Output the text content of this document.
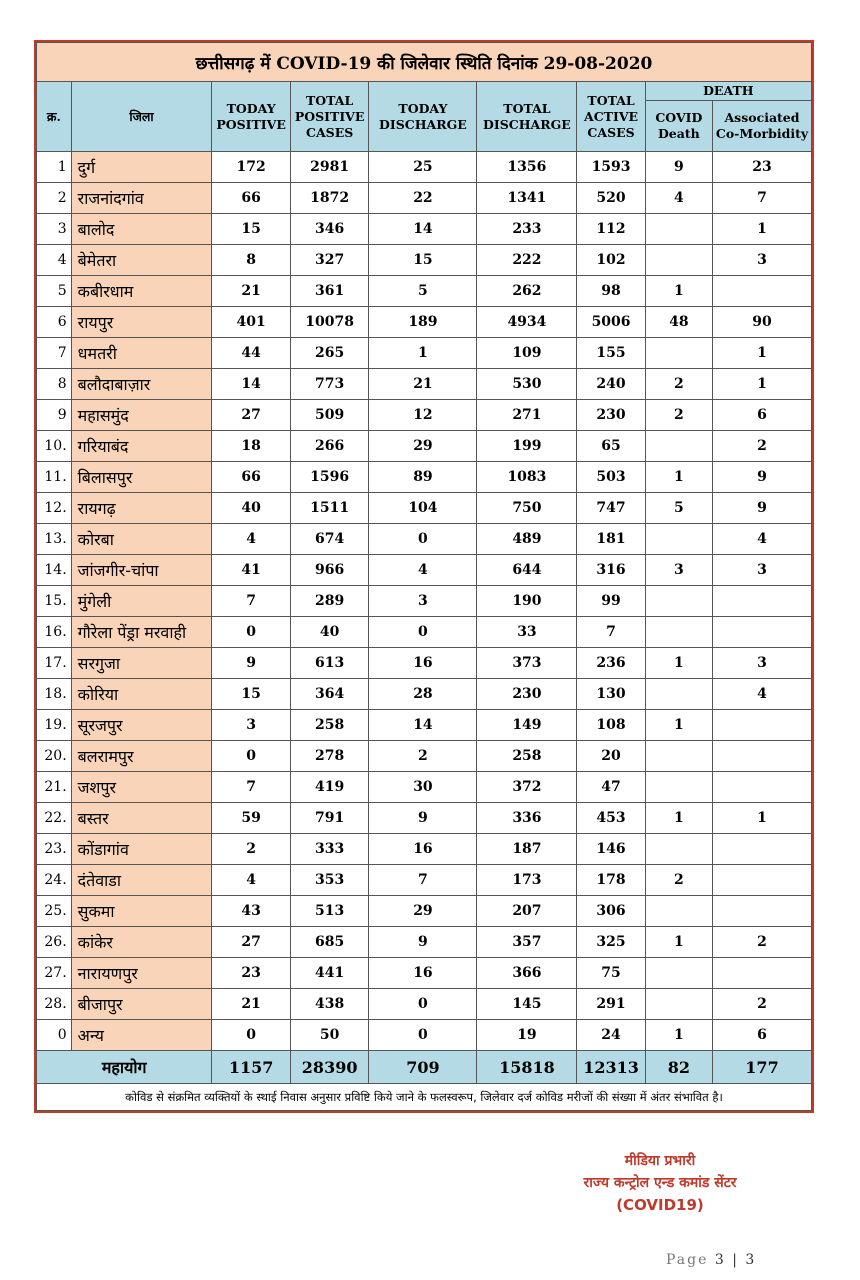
छत्तीसगढ़ में COVID-19 की जिलेवार स्थिति दिनांक 29-08-2020								
क्र.	जिला	TODAY POSITIVE	TOTAL POSITIVE CASES	TODAY DISCHARGE	TOTAL DISCHARGE	TOTAL ACTIVE CASES	DEATH	
							COVID Death	Associated Co-Morbidity
1	दुर्ग	172	2981	25	1356	1593	9	23
2	राजनांदगांव	66	1872	22	1341	520	4	7
3	बालोद	15	346	14	233	112		1
4	बेमेतरा	8	327	15	222	102		3
5	कबीरधाम	21	361	5	262	98	1	
6	रायपुर	401	10078	189	4934	5006	48	90
7	धमतरी	44	265	1	109	155		1
8	बलौदाबाज़ार	14	773	21	530	240	2	1
9	महासमुंद	27	509	12	271	230	2	6
10.	गरियाबंद	18	266	29	199	65		2
11.	बिलासपुर	66	1596	89	1083	503	1	9
12.	रायगढ़	40	1511	104	750	747	5	9
13.	कोरबा	4	674	0	489	181		4
14.	जांजगीर-चांपा	41	966	4	644	316	3	3
15.	मुंगेली	7	289	3	190	99		
16.	गौरेला पेंड्रा मरवाही	0	40	0	33	7		
17.	सरगुजा	9	613	16	373	236	1	3
18.	कोरिया	15	364	28	230	130		4
19.	सूरजपुर	3	258	14	149	108	1	
20.	बलरामपुर	0	278	2	258	20		
21.	जशपुर	7	419	30	372	47		
22.	बस्तर	59	791	9	336	453	1	1
23.	कोंडागांव	2	333	16	187	146		
24.	दंतेवाडा	4	353	7	173	178	2	
25.	सुकमा	43	513	29	207	306		
26.	कांकेर	27	685	9	357	325	1	2
27.	नारायणपुर	23	441	16	366	75		
28.	बीजापुर	21	438	0	145	291		2
0	अन्य	0	50	0	19	24	1	6
महायोग		1157	28390	709	15818	12313	82	177
कोविड से संक्रमित व्यक्तियों के स्थाई निवास अनुसार प्रविष्टि किये जाने के फलस्वरूप, जिलेवार दर्ज कोविड मरीजों की संख्या में अंतर संभावित है।								
मीडिया प्रभारी
राज्य कन्ट्रोल एन्ड कमांड सेंटर
(COVID19)
Page 3 | 3
